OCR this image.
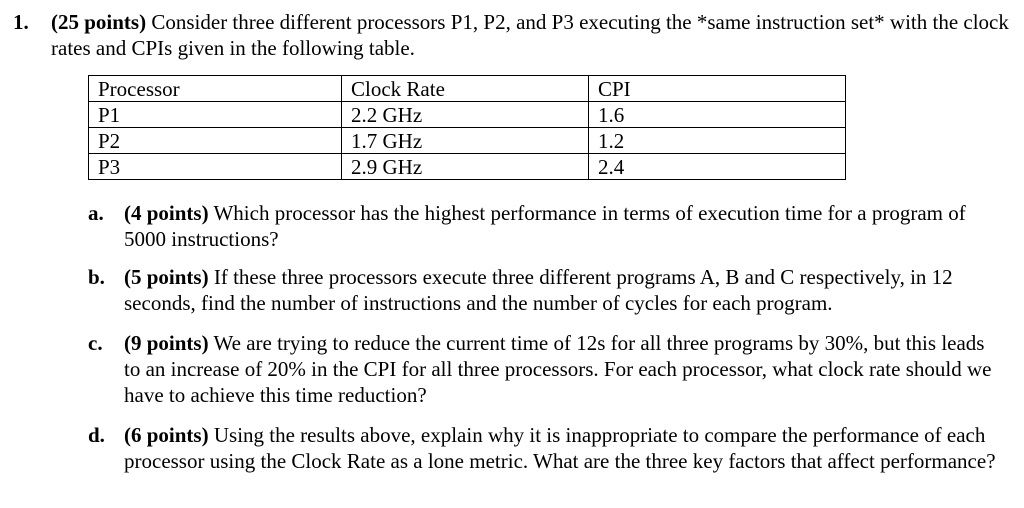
1. (25 points) Consider three different processors P1, P2, and P3 executing the *same instruction set* with the clock rates and CPIs given in the following table.
Processor	Clock Rate	CPI
P1	2.2 GHz	1.6
P2	1.7 GHz	1.2
P3	2.9 GHz	2.4
a. (4 points) Which processor has the highest performance in terms of execution time for a program of 5000 instructions?
b. (5 points) If these three processors execute three different programs A, B and C respectively, in 12 seconds, find the number of instructions and the number of cycles for each program.
c. (9 points) We are trying to reduce the current time of 12s for all three programs by 30%, but this leads to an increase of 20% in the CPI for all three processors. For each processor, what clock rate should we have to achieve this time reduction?
d. (6 points) Using the results above, explain why it is inappropriate to compare the performance of each processor using the Clock Rate as a lone metric. What are the three key factors that affect performance?
